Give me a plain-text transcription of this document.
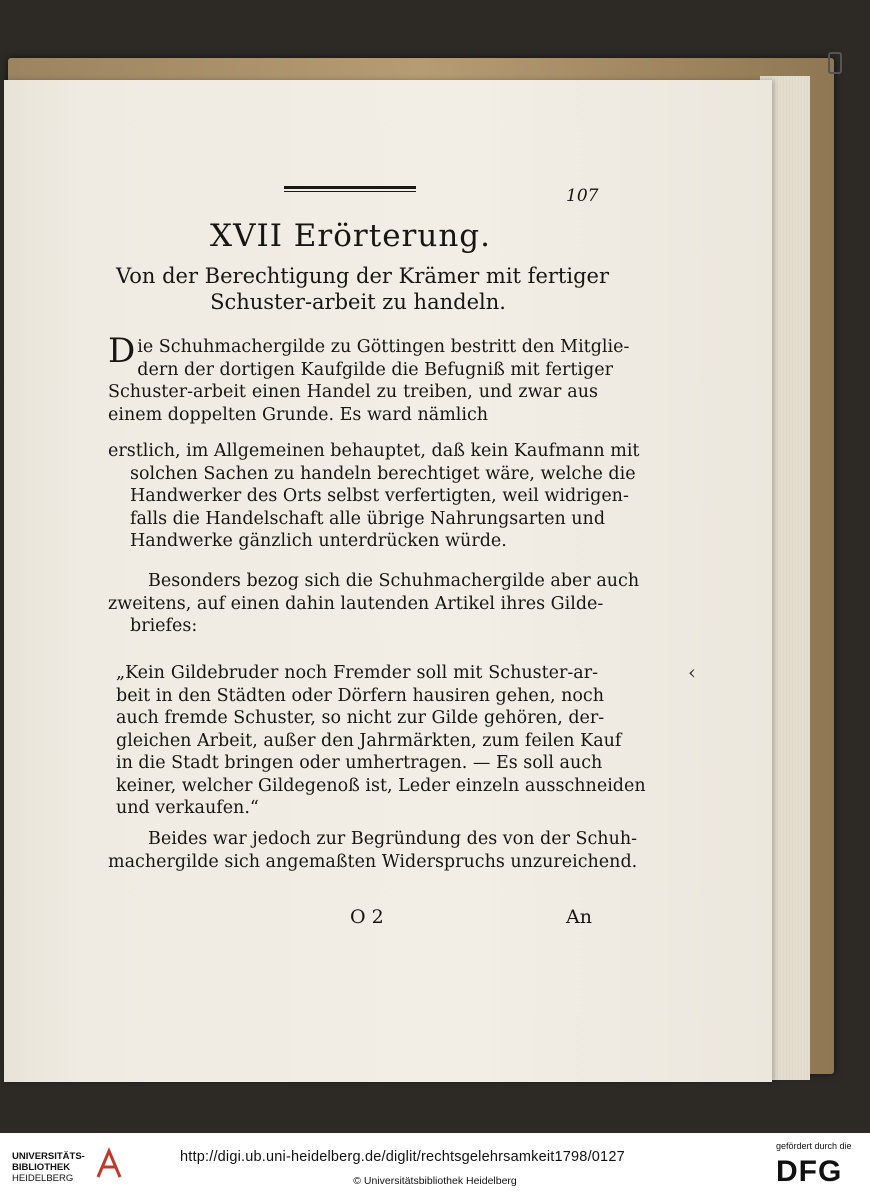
107
XVII Erörterung.
Von der Berechtigung der Krämer mit fertiger
Schuster-arbeit zu handeln.
D ie Schuhmachergilde zu Göttingen bestritt den Mitglie-
dern der dortigen Kaufgilde die Befugniß mit fertiger
Schuster-arbeit einen Handel zu treiben, und zwar aus
einem doppelten Grunde. Es ward nämlich
erstlich, im Allgemeinen behauptet, daß kein Kaufmann mit
solchen Sachen zu handeln berechtiget wäre, welche die
Handwerker des Orts selbst verfertigten, weil widrigen-
falls die Handelschaft alle übrige Nahrungsarten und
Handwerke gänzlich unterdrücken würde.
Besonders bezog sich die Schuhmachergilde aber auch
zweitens, auf einen dahin lautenden Artikel ihres Gilde-
briefes:
„Kein Gildebruder noch Fremder soll mit Schuster-ar-
beit in den Städten oder Dörfern hausiren gehen, noch
auch fremde Schuster, so nicht zur Gilde gehören, der-
gleichen Arbeit, außer den Jahrmärkten, zum feilen Kauf
in die Stadt bringen oder umhertragen. — Es soll auch
keiner, welcher Gildegenoß ist, Leder einzeln ausschneiden
und verkaufen.“
Beides war jedoch zur Begründung des von der Schuh-
machergilde sich angemaßten Widerspruchs unzureichend.
O 2	An
‹
UNIVERSITÄTS-
BIBLIOTHEK
HEIDELBERG
http://digi.ub.uni-heidelberg.de/diglit/rechtsgelehrsamkeit1798/0127
© Universitätsbibliothek Heidelberg
gefördert durch die
DFG
